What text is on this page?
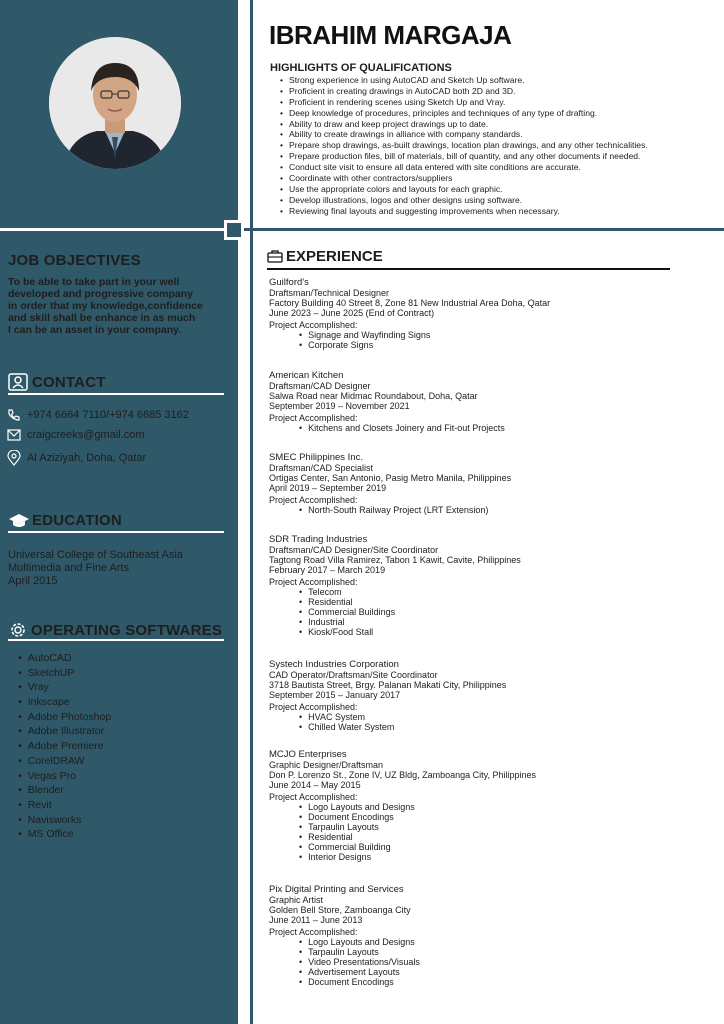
JOB OBJECTIVES
To be able to take part in your well
developed and progressive company
in order that my knowledge,confidence
and skill shall be enhance in as much
I can be an asset in your company.
CONTACT
+974 6664 7110/+974 6685 3162
craigcreeks@gmail.com
Al Aziziyah, Doha, Qatar
EDUCATION
Universal College of Southeast Asia
Multimedia and Fine Arts
April 2015
OPERATING SOFTWARES
• AutoCAD
• SketchUP
• Vray
• Inkscape
• Adobe Photoshop
• Adobe Illustrator
• Adobe Premiere
• CorelDRAW
• Vegas Pro
• Blender
• Revit
• Navisworks
• MS Office
IBRAHIM MARGAJA
HIGHLIGHTS OF QUALIFICATIONS
• Strong experience in using AutoCAD and Sketch Up software.
• Proficient in creating drawings in AutoCAD both 2D and 3D.
• Proficient in rendering scenes using Sketch Up and Vray.
• Deep knowledge of procedures, principles and techniques of any type of drafting.
• Ability to draw and keep project drawings up to date.
• Ability to create drawings in alliance with company standards.
• Prepare shop drawings, as-built drawings, location plan drawings, and any other technicalities.
• Prepare production files, bill of materials, bill of quantity, and any other documents if needed.
• Conduct site visit to ensure all data entered with site conditions are accurate.
• Coordinate with other contractors/suppliers
• Use the appropriate colors and layouts for each graphic.
• Develop illustrations, logos and other designs using software.
• Reviewing final layouts and suggesting improvements when necessary.
EXPERIENCE
Guilford's
Draftsman/Technical Designer
Factory Building 40 Street 8, Zone 81 New Industrial Area Doha, Qatar
June 2023 – June 2025 (End of Contract)
Project Accomplished:
• Signage and Wayfinding Signs
• Corporate Signs
American Kitchen
Draftsman/CAD Designer
Salwa Road near Midmac Roundabout, Doha, Qatar
September 2019 – November 2021
Project Accomplished:
• Kitchens and Closets Joinery and Fit-out Projects
SMEC Philippines Inc.
Draftsman/CAD Specialist
Ortigas Center, San Antonio, Pasig Metro Manila, Philippines
April 2019 – September 2019
Project Accomplished:
• North-South Railway Project (LRT Extension)
SDR Trading Industries
Draftsman/CAD Designer/Site Coordinator
Tagtong Road Villa Ramirez, Tabon 1 Kawit, Cavite, Philippines
February 2017 – March 2019
Project Accomplished:
• Telecom
• Residential
• Commercial Buildings
• Industrial
• Kiosk/Food Stall
Systech Industries Corporation
CAD Operator/Draftsman/Site Coordinator
3718 Bautista Street, Brgy. Palanan Makati City, Philippines
September 2015 – January 2017
Project Accomplished:
• HVAC System
• Chilled Water System
MCJO Enterprises
Graphic Designer/Draftsman
Don P. Lorenzo St., Zone IV, UZ Bldg, Zamboanga City, Philippines
June 2014 – May 2015
Project Accomplished:
• Logo Layouts and Designs
• Document Encodings
• Tarpaulin Layouts
• Residential
• Commercial Building
• Interior Designs
Pix Digital Printing and Services
Graphic Artist
Golden Bell Store, Zamboanga City
June 2011 – June 2013
Project Accomplished:
• Logo Layouts and Designs
• Tarpaulin Layouts
• Video Presentations/Visuals
• Advertisement Layouts
• Document Encodings
